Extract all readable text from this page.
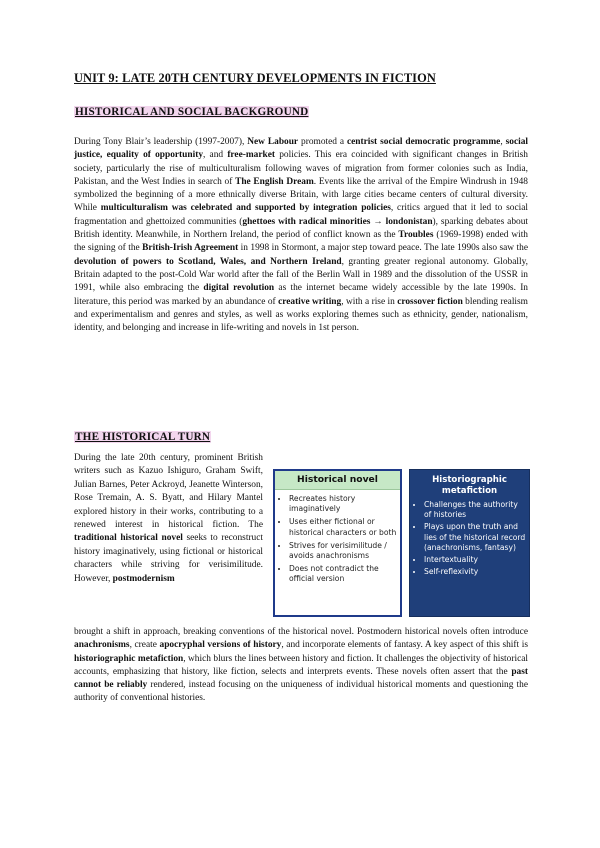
UNIT 9: LATE 20TH CENTURY DEVELOPMENTS IN FICTION
HISTORICAL AND SOCIAL BACKGROUND

During Tony Blair’s leadership (1997-2007), New Labour promoted a centrist social democratic programme, social justice, equality of opportunity, and free-market policies. This era coincided with significant changes in British society, particularly the rise of multiculturalism following waves of migration from former colonies such as India, Pakistan, and the West Indies in search of The English Dream. Events like the arrival of the Empire Windrush in 1948 symbolized the beginning of a more ethnically diverse Britain, with large cities became centers of cultural diversity. While multiculturalism was celebrated and supported by integration policies, critics argued that it led to social fragmentation and ghettoized communities (ghettoes with radical minorities → londonistan), sparking debates about British identity. Meanwhile, in Northern Ireland, the period of conflict known as the Troubles (1969-1998) ended with the signing of the British-Irish Agreement in 1998 in Stormont, a major step toward peace. The late 1990s also saw the devolution of powers to Scotland, Wales, and Northern Ireland, granting greater regional autonomy. Globally, Britain adapted to the post-Cold War world after the fall of the Berlin Wall in 1989 and the dissolution of the USSR in 1991, while also embracing the digital revolution as the internet became widely accessible by the late 1990s. In literature, this period was marked by an abundance of creative writing, with a rise in crossover fiction blending realism and experimentalism and genres and styles, as well as works exploring themes such as ethnicity, gender, nationalism, identity, and belonging and increase in life-writing and novels in 1st person.

THE HISTORICAL TURN

During the late 20th century, prominent British writers such as Kazuo Ishiguro, Graham Swift, Julian Barnes, Peter Ackroyd, Jeanette Winterson, Rose Tremain, A. S. Byatt, and Hilary Mantel explored history in their works, contributing to a renewed interest in historical fiction. The traditional historical novel seeks to reconstruct history imaginatively, using fictional or historical characters while striving for verisimilitude. However, postmodernism

Historical novel
• Recreates history imaginatively
• Uses either fictional or historical characters or both
• Strives for verisimilitude / avoids anachronisms
• Does not contradict the official version
Historiographic metafiction
• Challenges the authority of histories
• Plays upon the truth and lies of the historical record (anachronisms, fantasy)
• Intertextuality
• Self-reflexivity

brought a shift in approach, breaking conventions of the historical novel. Postmodern historical novels often introduce anachronisms, create apocryphal versions of history, and incorporate elements of fantasy. A key aspect of this shift is historiographic metafiction, which blurs the lines between history and fiction. It challenges the objectivity of historical accounts, emphasizing that history, like fiction, selects and interprets events. These novels often assert that the past cannot be reliably rendered, instead focusing on the uniqueness of individual historical moments and questioning the authority of conventional histories.
